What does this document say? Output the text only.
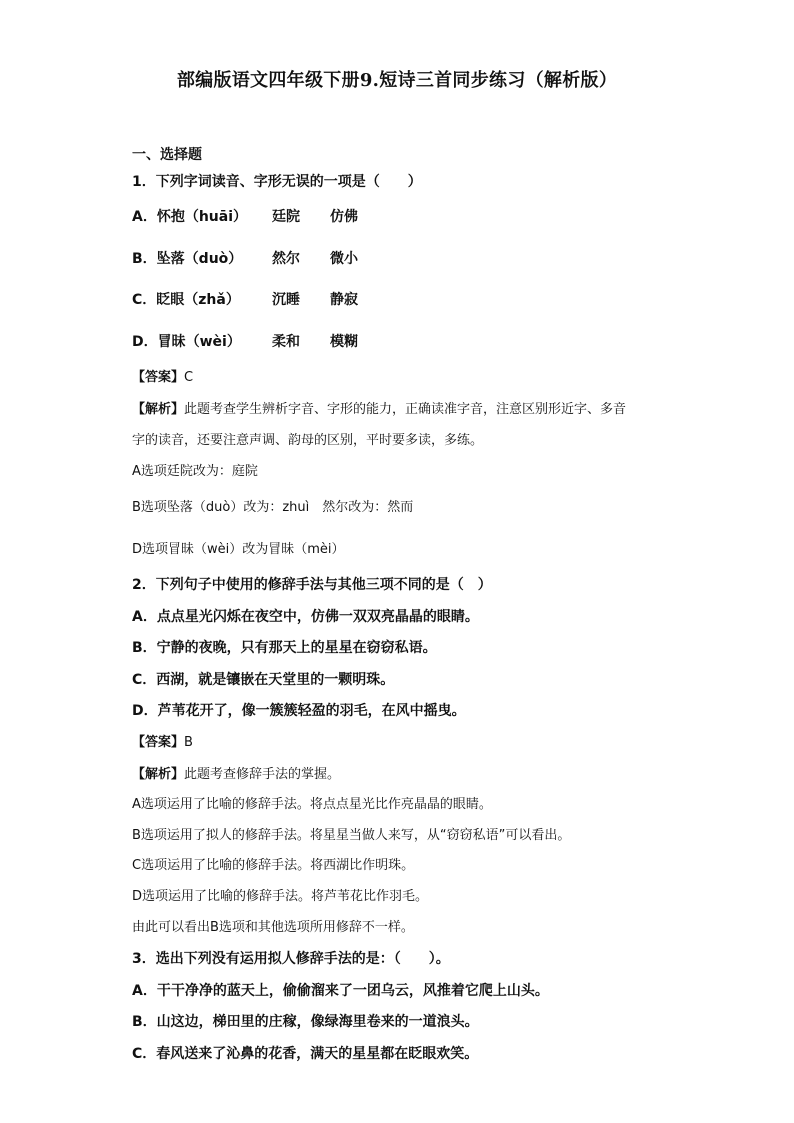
部编版语文四年级下册9.短诗三首同步练习（解析版）
一、选择题
1．下列字词读音、字形无误的一项是（　　）
A．怀抱（huāi） 廷院 仿佛
B．坠落（duò） 然尔 微小
C．眨眼（zhǎ） 沉睡 静寂
D．冒昧（wèi） 柔和 模糊
【答案】C
【解析】此题考查学生辨析字音、字形的能力，正确读准字音，注意区别形近字、多音
字的读音，还要注意声调、韵母的区别，平时要多读，多练。
A选项廷院改为：庭院
B选项坠落（duò）改为：zhuì　然尔改为：然而
D选项冒昧（wèi）改为冒昧（mèi）
2．下列句子中使用的修辞手法与其他三项不同的是（　）
A．点点星光闪烁在夜空中，仿佛一双双亮晶晶的眼睛。
B．宁静的夜晚，只有那天上的星星在窃窃私语。
C．西湖，就是镶嵌在天堂里的一颗明珠。
D．芦苇花开了，像一簇簇轻盈的羽毛，在风中摇曳。
【答案】B
【解析】此题考查修辞手法的掌握。
A选项运用了比喻的修辞手法。将点点星光比作亮晶晶的眼睛。
B选项运用了拟人的修辞手法。将星星当做人来写，从“窃窃私语”可以看出。
C选项运用了比喻的修辞手法。将西湖比作明珠。
D选项运用了比喻的修辞手法。将芦苇花比作羽毛。
由此可以看出B选项和其他选项所用修辞不一样。
3．选出下列没有运用拟人修辞手法的是：（　　）。
A．干干净净的蓝天上，偷偷溜来了一团乌云，风推着它爬上山头。
B．山这边，梯田里的庄稼，像绿海里卷来的一道浪头。
C．春风送来了沁鼻的花香，满天的星星都在眨眼欢笑。
